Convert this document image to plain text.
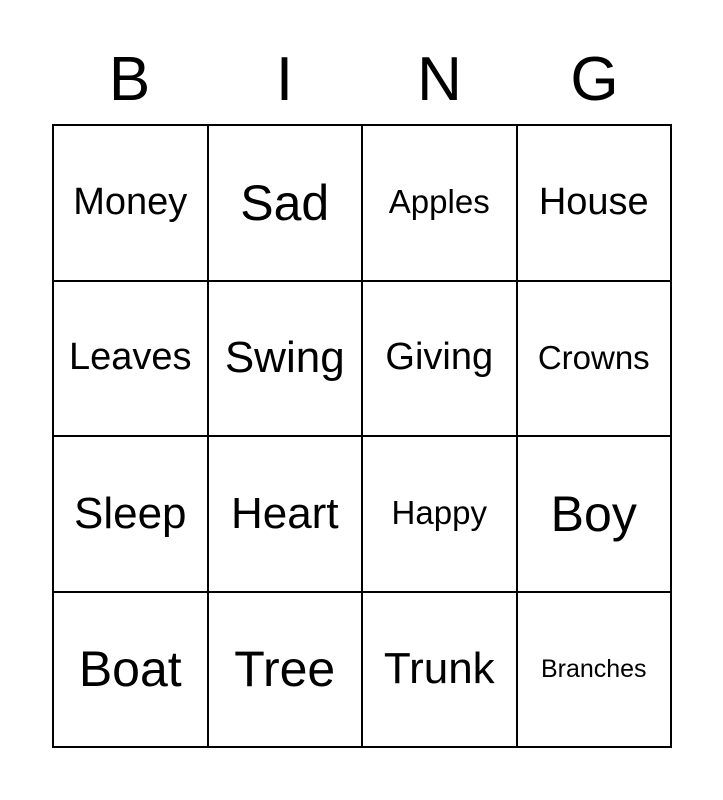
B	I	N	G
Money Sad Apples House
Leaves Swing Giving Crowns
Sleep Heart Happy Boy
Boat Tree Trunk Branches
